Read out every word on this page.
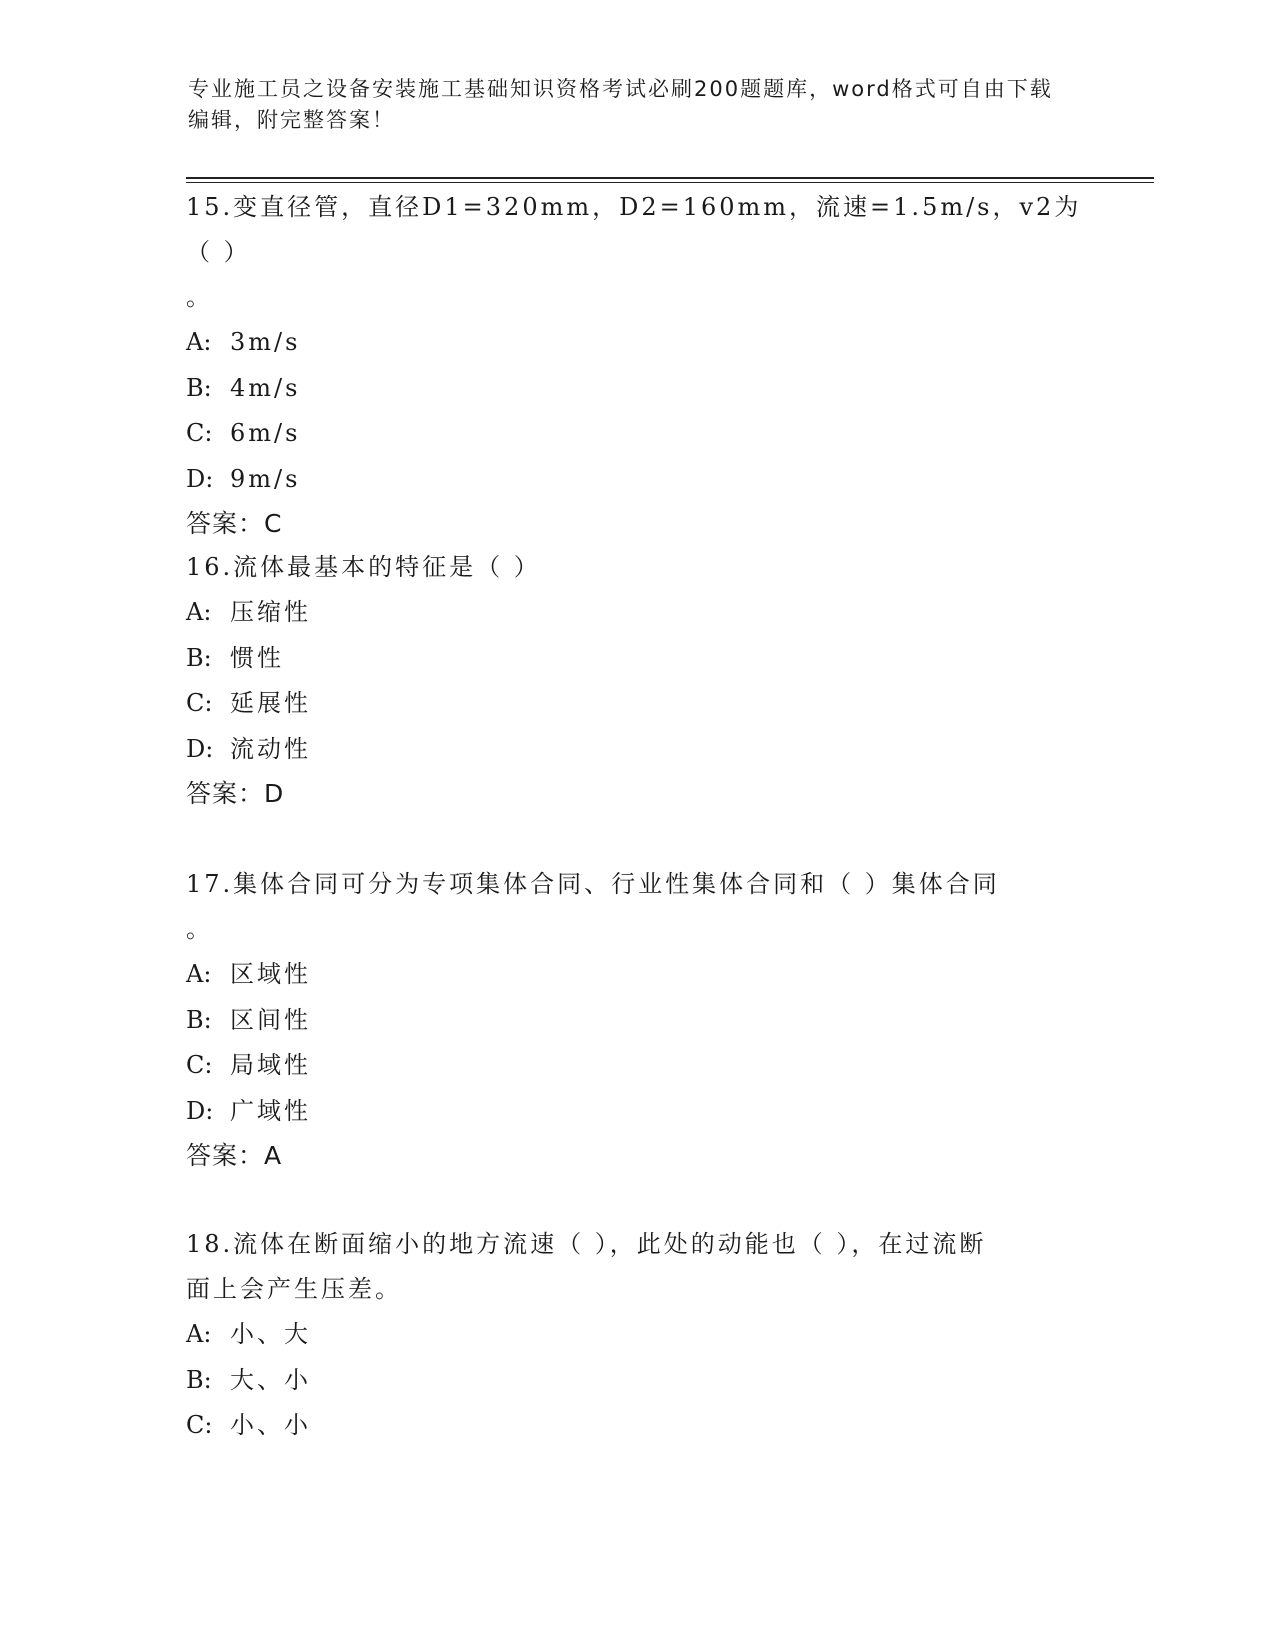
专业施工员之设备安装施工基础知识资格考试必刷200题题库，word格式可自由下载编辑，附完整答案！

15.变直径管，直径D1=320mm，D2=160mm，流速=1.5m/s，v2为（ ）

。

A: 3m/s

B: 4m/s

C: 6m/s

D: 9m/s

答案：C

16.流体最基本的特征是（ ）

A: 压缩性

B: 惯性

C: 延展性

D: 流动性

答案：D

17.集体合同可分为专项集体合同、行业性集体合同和（ ）集体合同

。

A: 区域性

B: 区间性

C: 局域性

D: 广域性

答案：A

18.流体在断面缩小的地方流速（ ），此处的动能也（ ），在过流断

面上会产生压差。

A: 小、大

B: 大、小

C: 小、小
